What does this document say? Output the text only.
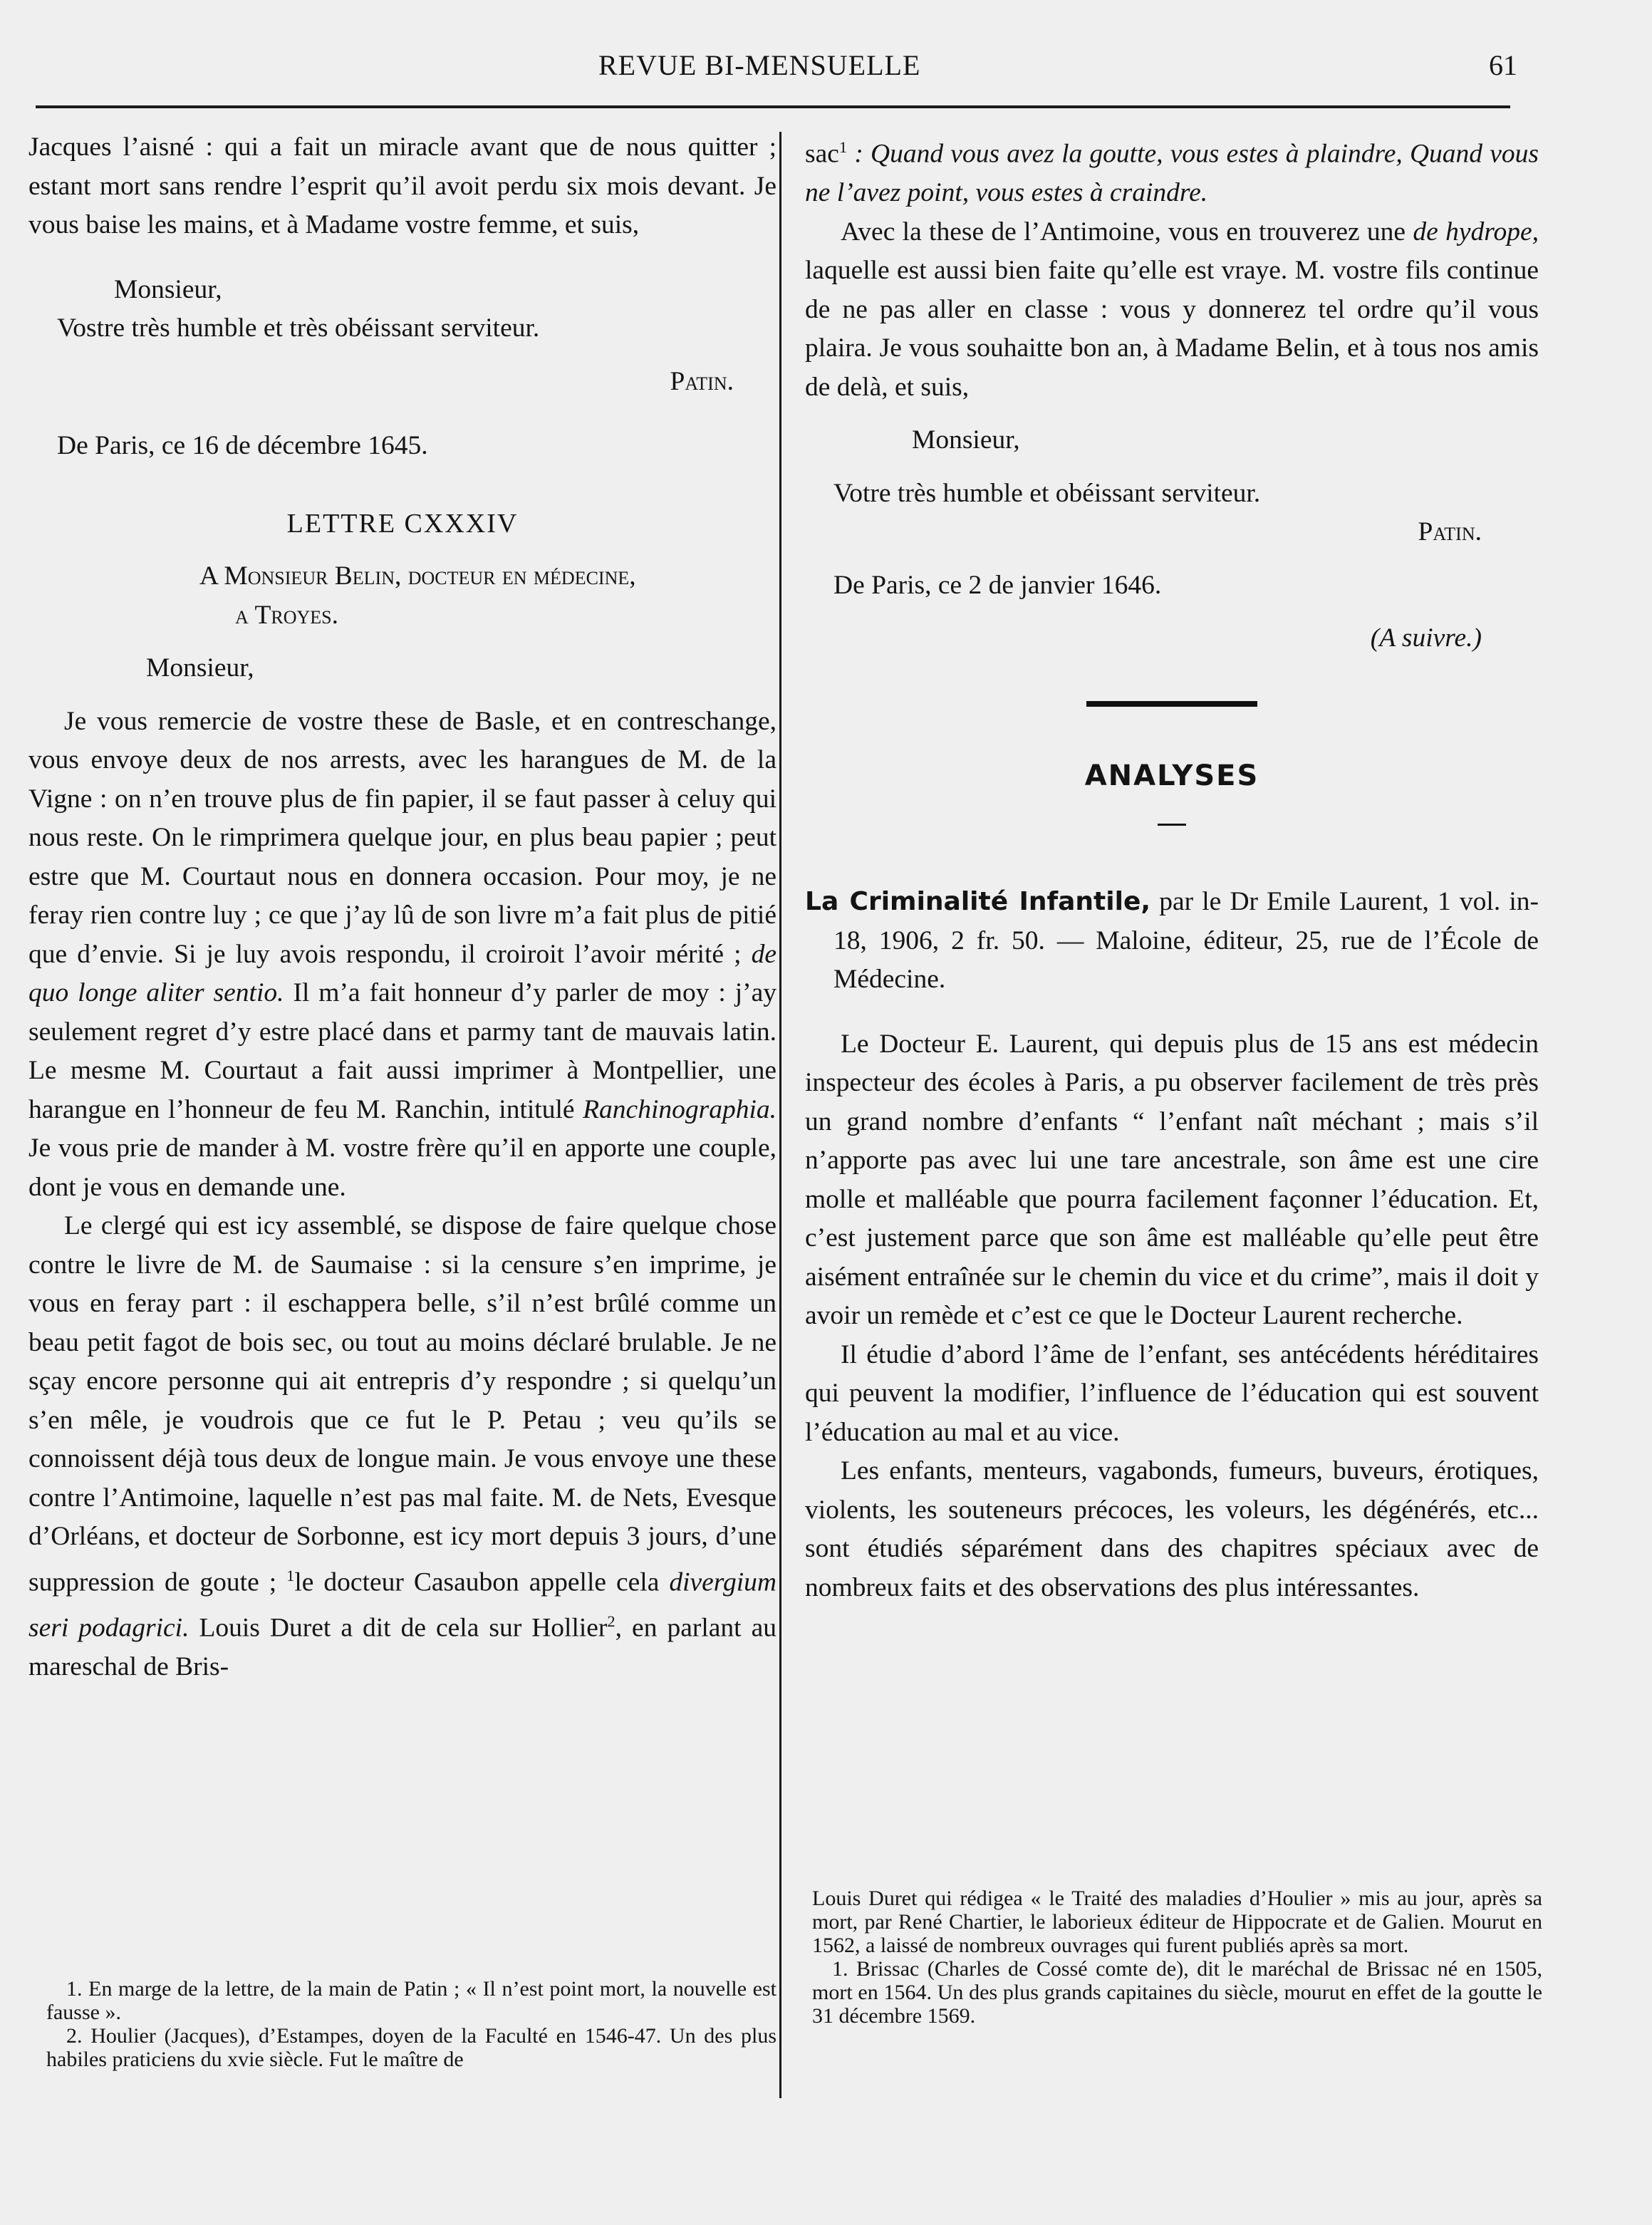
REVUE BI-MENSUELLE	61

Jacques l’aisné : qui a fait un miracle avant que de nous quitter ; estant mort sans rendre l’esprit qu’il avoit perdu six mois devant. Je vous baise les mains, et à Madame vostre femme, et suis,

Monsieur,

Vostre très humble et très obéissant serviteur.

Patin.

De Paris, ce 16 de décembre 1645.

LETTRE CXXXIV

A Monsieur Belin, docteur en médecine,

a Troyes.

Monsieur,

Je vous remercie de vostre these de Basle, et en contreschange, vous envoye deux de nos arrests, avec les harangues de M. de la Vigne : on n’en trouve plus de fin papier, il se faut passer à celuy qui nous reste. On le rimprimera quelque jour, en plus beau papier ; peut estre que M. Courtaut nous en donnera occasion. Pour moy, je ne feray rien contre luy ; ce que j’ay lû de son livre m’a fait plus de pitié que d’envie. Si je luy avois respondu, il croiroit l’avoir mérité ; de quo longe aliter sentio. Il m’a fait honneur d’y parler de moy : j’ay seulement regret d’y estre placé dans et parmy tant de mauvais latin. Le mesme M. Courtaut a fait aussi imprimer à Montpellier, une harangue en l’honneur de feu M. Ranchin, intitulé Ranchinographia. Je vous prie de mander à M. vostre frère qu’il en apporte une couple, dont je vous en demande une.

Le clergé qui est icy assemblé, se dispose de faire quelque chose contre le livre de M. de Saumaise : si la censure s’en imprime, je vous en feray part : il eschappera belle, s’il n’est brûlé comme un beau petit fagot de bois sec, ou tout au moins déclaré brulable. Je ne sçay encore personne qui ait entrepris d’y respondre ; si quelqu’un s’en mêle, je voudrois que ce fut le P. Petau ; veu qu’ils se connoissent déjà tous deux de longue main. Je vous envoye une these contre l’Antimoine, laquelle n’est pas mal faite. M. de Nets, Evesque d’Orléans, et docteur de Sorbonne, est icy mort depuis 3 jours, d’une suppression de goute ; $^1$le docteur Casaubon appelle cela divergium seri podagrici. Louis Duret a dit de cela sur Hollier$^2$, en parlant au mareschal de Bris-

1. En marge de la lettre, de la main de Patin ; « Il n’est point mort, la nouvelle est fausse ».

2. Houlier (Jacques), d’Estampes, doyen de la Faculté en 1546-47. Un des plus habiles praticiens du xvie siècle. Fut le maître de

sac$^1$ : Quand vous avez la goutte, vous estes à plaindre, Quand vous ne l’avez point, vous estes à craindre.

Avec la these de l’Antimoine, vous en trouverez une de hydrope, laquelle est aussi bien faite qu’elle est vraye. M. vostre fils continue de ne pas aller en classe : vous y donnerez tel ordre qu’il vous plaira. Je vous souhaitte bon an, à Madame Belin, et à tous nos amis de delà, et suis,

Monsieur,

Votre très humble et obéissant serviteur.

Patin.

De Paris, ce 2 de janvier 1646.

(A suivre.)

ANALYSES

La Criminalité Infantile, par le Dr Emile Laurent, 1 vol. in-18, 1906, 2 fr. 50. — Maloine, éditeur, 25, rue de l’École de Médecine.

Le Docteur E. Laurent, qui depuis plus de 15 ans est médecin inspecteur des écoles à Paris, a pu observer facilement de très près un grand nombre d’enfants “ l’enfant naît méchant ; mais s’il n’apporte pas avec lui une tare ancestrale, son âme est une cire molle et malléable que pourra facilement façonner l’éducation. Et, c’est justement parce que son âme est malléable qu’elle peut être aisément entraînée sur le chemin du vice et du crime”, mais il doit y avoir un remède et c’est ce que le Docteur Laurent recherche.

Il étudie d’abord l’âme de l’enfant, ses antécédents héréditaires qui peuvent la modifier, l’influence de l’éducation qui est souvent l’éducation au mal et au vice.

Les enfants, menteurs, vagabonds, fumeurs, buveurs, érotiques, violents, les souteneurs précoces, les voleurs, les dégénérés, etc... sont étudiés séparément dans des chapitres spéciaux avec de nombreux faits et des observations des plus intéressantes.

Louis Duret qui rédigea « le Traité des maladies d’Houlier » mis au jour, après sa mort, par René Chartier, le laborieux éditeur de Hippocrate et de Galien. Mourut en 1562, a laissé de nombreux ouvrages qui furent publiés après sa mort.

1. Brissac (Charles de Cossé comte de), dit le maréchal de Brissac né en 1505, mort en 1564. Un des plus grands capitaines du siècle, mourut en effet de la goutte le 31 décembre 1569.
